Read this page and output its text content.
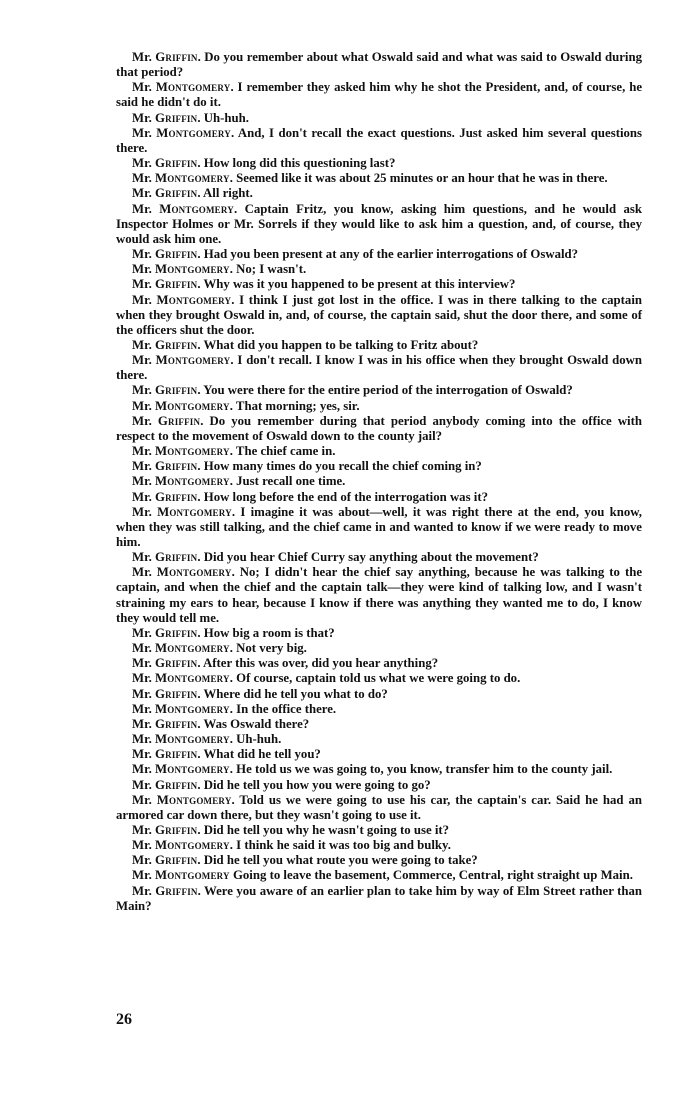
Mr. Griffin. Do you remember about what Oswald said and what was said to Oswald during that period?

Mr. Montgomery. I remember they asked him why he shot the President, and, of course, he said he didn't do it.

Mr. Griffin. Uh-huh.

Mr. Montgomery. And, I don't recall the exact questions. Just asked him several questions there.

Mr. Griffin. How long did this questioning last?

Mr. Montgomery. Seemed like it was about 25 minutes or an hour that he was in there.

Mr. Griffin. All right.

Mr. Montgomery. Captain Fritz, you know, asking him questions, and he would ask Inspector Holmes or Mr. Sorrels if they would like to ask him a question, and, of course, they would ask him one.

Mr. Griffin. Had you been present at any of the earlier interrogations of Oswald?

Mr. Montgomery. No; I wasn't.

Mr. Griffin. Why was it you happened to be present at this interview?

Mr. Montgomery. I think I just got lost in the office. I was in there talking to the captain when they brought Oswald in, and, of course, the captain said, shut the door there, and some of the officers shut the door.

Mr. Griffin. What did you happen to be talking to Fritz about?

Mr. Montgomery. I don't recall. I know I was in his office when they brought Oswald down there.

Mr. Griffin. You were there for the entire period of the interrogation of Oswald?

Mr. Montgomery. That morning; yes, sir.

Mr. Griffin. Do you remember during that period anybody coming into the office with respect to the movement of Oswald down to the county jail?

Mr. Montgomery. The chief came in.

Mr. Griffin. How many times do you recall the chief coming in?

Mr. Montgomery. Just recall one time.

Mr. Griffin. How long before the end of the interrogation was it?

Mr. Montgomery. I imagine it was about—well, it was right there at the end, you know, when they was still talking, and the chief came in and wanted to know if we were ready to move him.

Mr. Griffin. Did you hear Chief Curry say anything about the movement?

Mr. Montgomery. No; I didn't hear the chief say anything, because he was talking to the captain, and when the chief and the captain talk—they were kind of talking low, and I wasn't straining my ears to hear, because I know if there was anything they wanted me to do, I know they would tell me.

Mr. Griffin. How big a room is that?

Mr. Montgomery. Not very big.

Mr. Griffin. After this was over, did you hear anything?

Mr. Montgomery. Of course, captain told us what we were going to do.

Mr. Griffin. Where did he tell you what to do?

Mr. Montgomery. In the office there.

Mr. Griffin. Was Oswald there?

Mr. Montgomery. Uh-huh.

Mr. Griffin. What did he tell you?

Mr. Montgomery. He told us we was going to, you know, transfer him to the county jail.

Mr. Griffin. Did he tell you how you were going to go?

Mr. Montgomery. Told us we were going to use his car, the captain's car. Said he had an armored car down there, but they wasn't going to use it.

Mr. Griffin. Did he tell you why he wasn't going to use it?

Mr. Montgomery. I think he said it was too big and bulky.

Mr. Griffin. Did he tell you what route you were going to take?

Mr. Montgomery Going to leave the basement, Commerce, Central, right straight up Main.

Mr. Griffin. Were you aware of an earlier plan to take him by way of Elm Street rather than Main?

26
